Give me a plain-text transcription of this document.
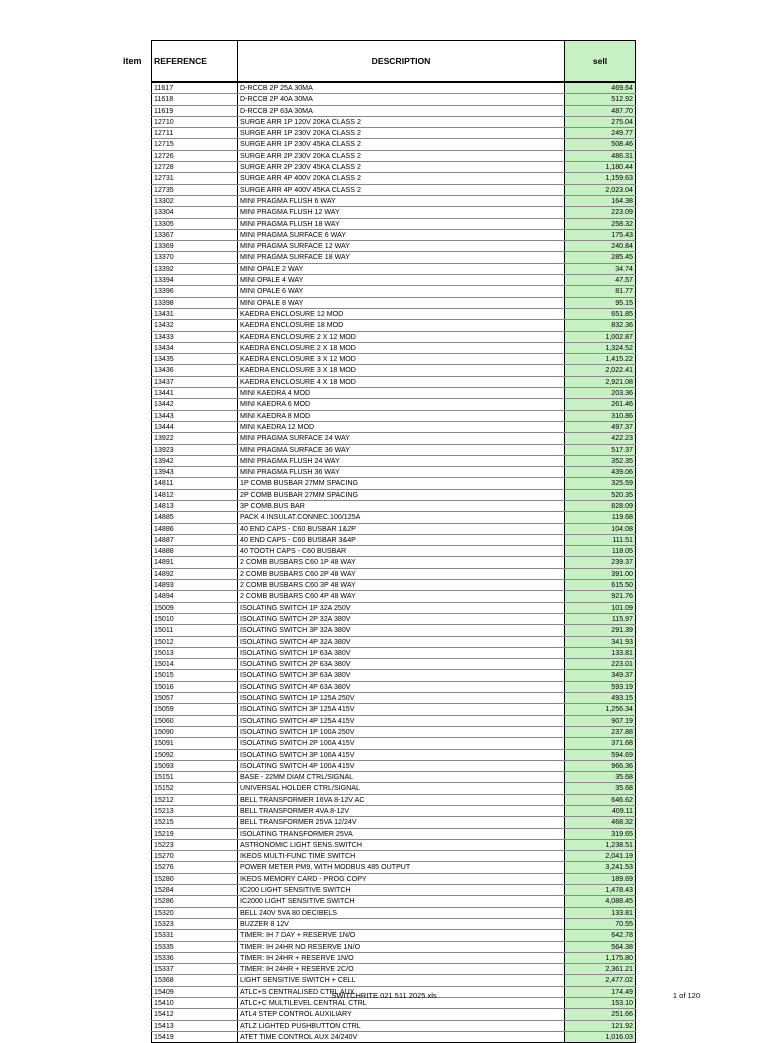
item REFERENCE	DESCRIPTION	sell
11617	D-RCCB 2P 25A 30MA	469.64
11618	D-RCCB 2P 40A 30MA	512.92
11619	D-RCCB 2P 63A 30MA	487.70
12710	SURGE ARR 1P 120V 20KA CLASS 2	275.04
12711	SURGE ARR 1P 230V 20KA CLASS 2	249.77
12715	SURGE ARR 1P 230V 45KA CLASS 2	508.46
12726	SURGE ARR 2P 230V 20KA CLASS 2	486.31
12728	SURGE ARR 2P 230V 45KA CLASS 2	1,180.44
12731	SURGE ARR 4P 400V 20KA CLASS 2	1,159.63
12735	SURGE ARR 4P 400V 45KA CLASS 2	2,023.04
13302	MINI PRAGMA FLUSH 6 WAY	164.38
13304	MINI PRAGMA FLUSH 12 WAY	223.09
13305	MINI PRAGMA FLUSH 18 WAY	258.32
13367	MINI PRAGMA SURFACE 6 WAY	175.43
13369	MINI PRAGMA SURFACE 12 WAY	240.84
13370	MINI PRAGMA SURFACE 18 WAY	285.45
13392	MINI OPALE 2 WAY	34.74
13394	MINI OPALE 4 WAY	47.57
13396	MINI OPALE 6 WAY	81.77
13398	MINI OPALE 8 WAY	95.15
13431	KAEDRA ENCLOSURE 12 MOD	651.85
13432	KAEDRA ENCLOSURE 18 MOD	832.36
13433	KAEDRA ENCLOSURE 2 X 12 MOD	1,002.87
13434	KAEDRA ENCLOSURE 2 X 18 MOD	1,324.52
13435	KAEDRA ENCLOSURE 3 X 12 MOD	1,415.22
13436	KAEDRA ENCLOSURE 3 X 18 MOD	2,022.41
13437	KAEDRA ENCLOSURE 4 X 18 MOD	2,921.08
13441	MINI KAEDRA 4 MOD	203.36
13442	MINI KAEDRA 6 MOD	261.46
13443	MINI KAEDRA 8 MOD	310.86
13444	MINI KAEDRA 12 MOD	497.37
13922	MINI PRAGMA SURFACE 24 WAY	422.23
13923	MINI PRAGMA SURFACE 36 WAY	517.37
13942	MINI PRAGMA FLUSH 24 WAY	352.35
13943	MINI PRAGMA FLUSH 36 WAY	439.06
14811	1P COMB BUSBAR 27MM SPACING	325.59
14812	2P COMB BUSBAR 27MM SPACING	520.35
14813	3P COMB.BUS BAR	828.09
14885	PACK 4 INSULAT.CONNEC.100/125A	119.68
14886	40 END CAPS - C60 BUSBAR 1&2P	104.08
14887	40 END CAPS - C60 BUSBAR 3&4P	111.51
14888	40 TOOTH CAPS - C60 BUSBAR	118.05
14891	2 COMB BUSBARS C60 1P 48 WAY	239.37
14892	2 COMB BUSBARS C60 2P 48 WAY	391.00
14893	2 COMB BUSBARS C60 3P 48 WAY	615.50
14894	2 COMB BUSBARS C60 4P 48 WAY	921.76
15009	ISOLATING SWITCH 1P 32A 250V	101.09
15010	ISOLATING SWITCH 2P 32A 380V	115.97
15011	ISOLATING SWITCH 3P 32A 380V	291.39
15012	ISOLATING SWITCH 4P 32A 380V	341.93
15013	ISOLATING SWITCH 1P 63A 380V	133.81
15014	ISOLATING SWITCH 2P 63A 380V	223.01
15015	ISOLATING SWITCH 3P 63A 380V	349.37
15016	ISOLATING SWITCH 4P 63A 380V	593.19
15057	ISOLATING SWITCH 1P 125A 250V	493.15
15059	ISOLATING SWITCH 3P 125A 415V	1,256.34
15060	ISOLATING SWITCH 4P 125A 415V	907.19
15090	ISOLATING SWITCH 1P 100A 250V	237.88
15091	ISOLATING SWITCH 2P 100A 415V	371.68
15092	ISOLATING SWITCH 3P 100A 415V	594.69
15093	ISOLATING SWITCH 4P 100A 415V	966.36
15151	BASE - 22MM DIAM CTRL/SIGNAL	35.68
15152	UNIVERSAL HOLDER CTRL/SIGNAL	35.68
15212	BELL TRANSFORMER 16VA 8-12V AC	646.62
15213	BELL TRANSFORMER 4VA 8-12V	409.11
15215	BELL TRANSFORMER 25VA 12/24V	468.32
15219	ISOLATING TRANSFORMER 25VA	319.65
15223	ASTRONOMIC LIGHT SENS.SWITCH	1,238.51
15270	IKEOS MULTI-FUNC TIME SWITCH	2,041.19
15276	POWER METER PM9, WITH MODBUS 485 OUTPUT	3,241.53
15280	IKEOS MEMORY CARD - PROG COPY	189.69
15284	IC200 LIGHT SENSITIVE SWITCH	1,478.43
15286	IC2000 LIGHT SENSITIVE SWITCH	4,088.45
15320	BELL 240V 5VA 80 DECIBELS	133.81
15323	BUZZER 8 12V	70.55
15331	TIMER: IH 7 DAY + RESERVE 1N/O	642.78
15335	TIMER: IH 24HR NO RESERVE 1N/O	564.38
15336	TIMER: IH 24HR + RESERVE 1N/O	1,175.80
15337	TIMER: IH 24HR + RESERVE 2C/O	2,361.21
15368	LIGHT SENSITIVE SWITCH + CELL	2,477.02
15409	ATLC+S CENTRALISED CTRL AUX	174.49
15410	ATLC+C MULTILEVEL CENTRAL CTRL	153.10
15412	ATL4 STEP CONTROL AUXILIARY	251.66
15413	ATLZ LIGHTED PUSHBUTTON CTRL	121.92
15419	ATET TIME CONTROL AUX 24/240V	1,016.03
SWITCHRITE 021 511 2025.xls	1 of 120
